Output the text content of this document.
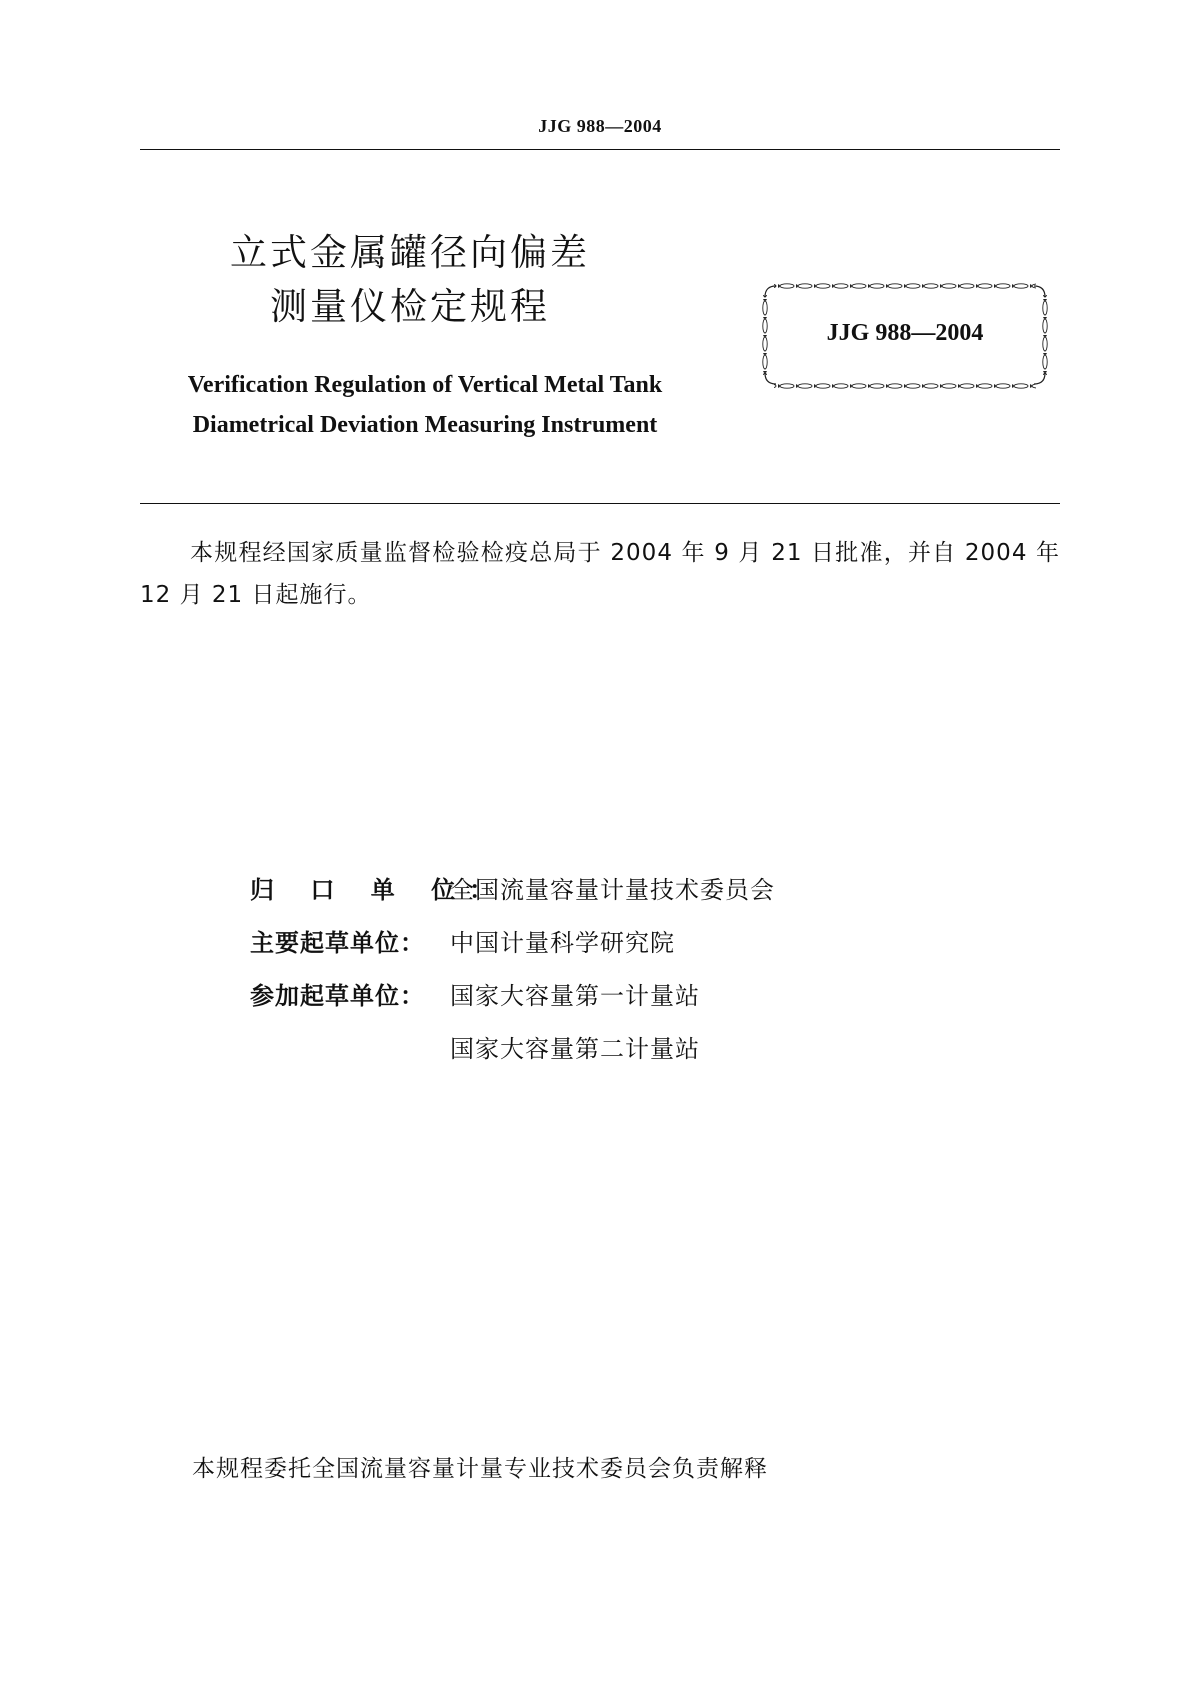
JJG 988—2004
立式金属罐径向偏差
测量仪检定规程
Verification Regulation of Vertical Metal Tank
Diametrical Deviation Measuring Instrument
JJG 988—2004
本规程经国家质量监督检验检疫总局于 2004 年 9 月 21 日批准，并自 2004 年 12 月 21 日起施行。
归 口 单 位：全国流量容量计量技术委员会
主要起草单位： 中国计量科学研究院
参加起草单位： 国家大容量第一计量站
国家大容量第二计量站
本规程委托全国流量容量计量专业技术委员会负责解释
